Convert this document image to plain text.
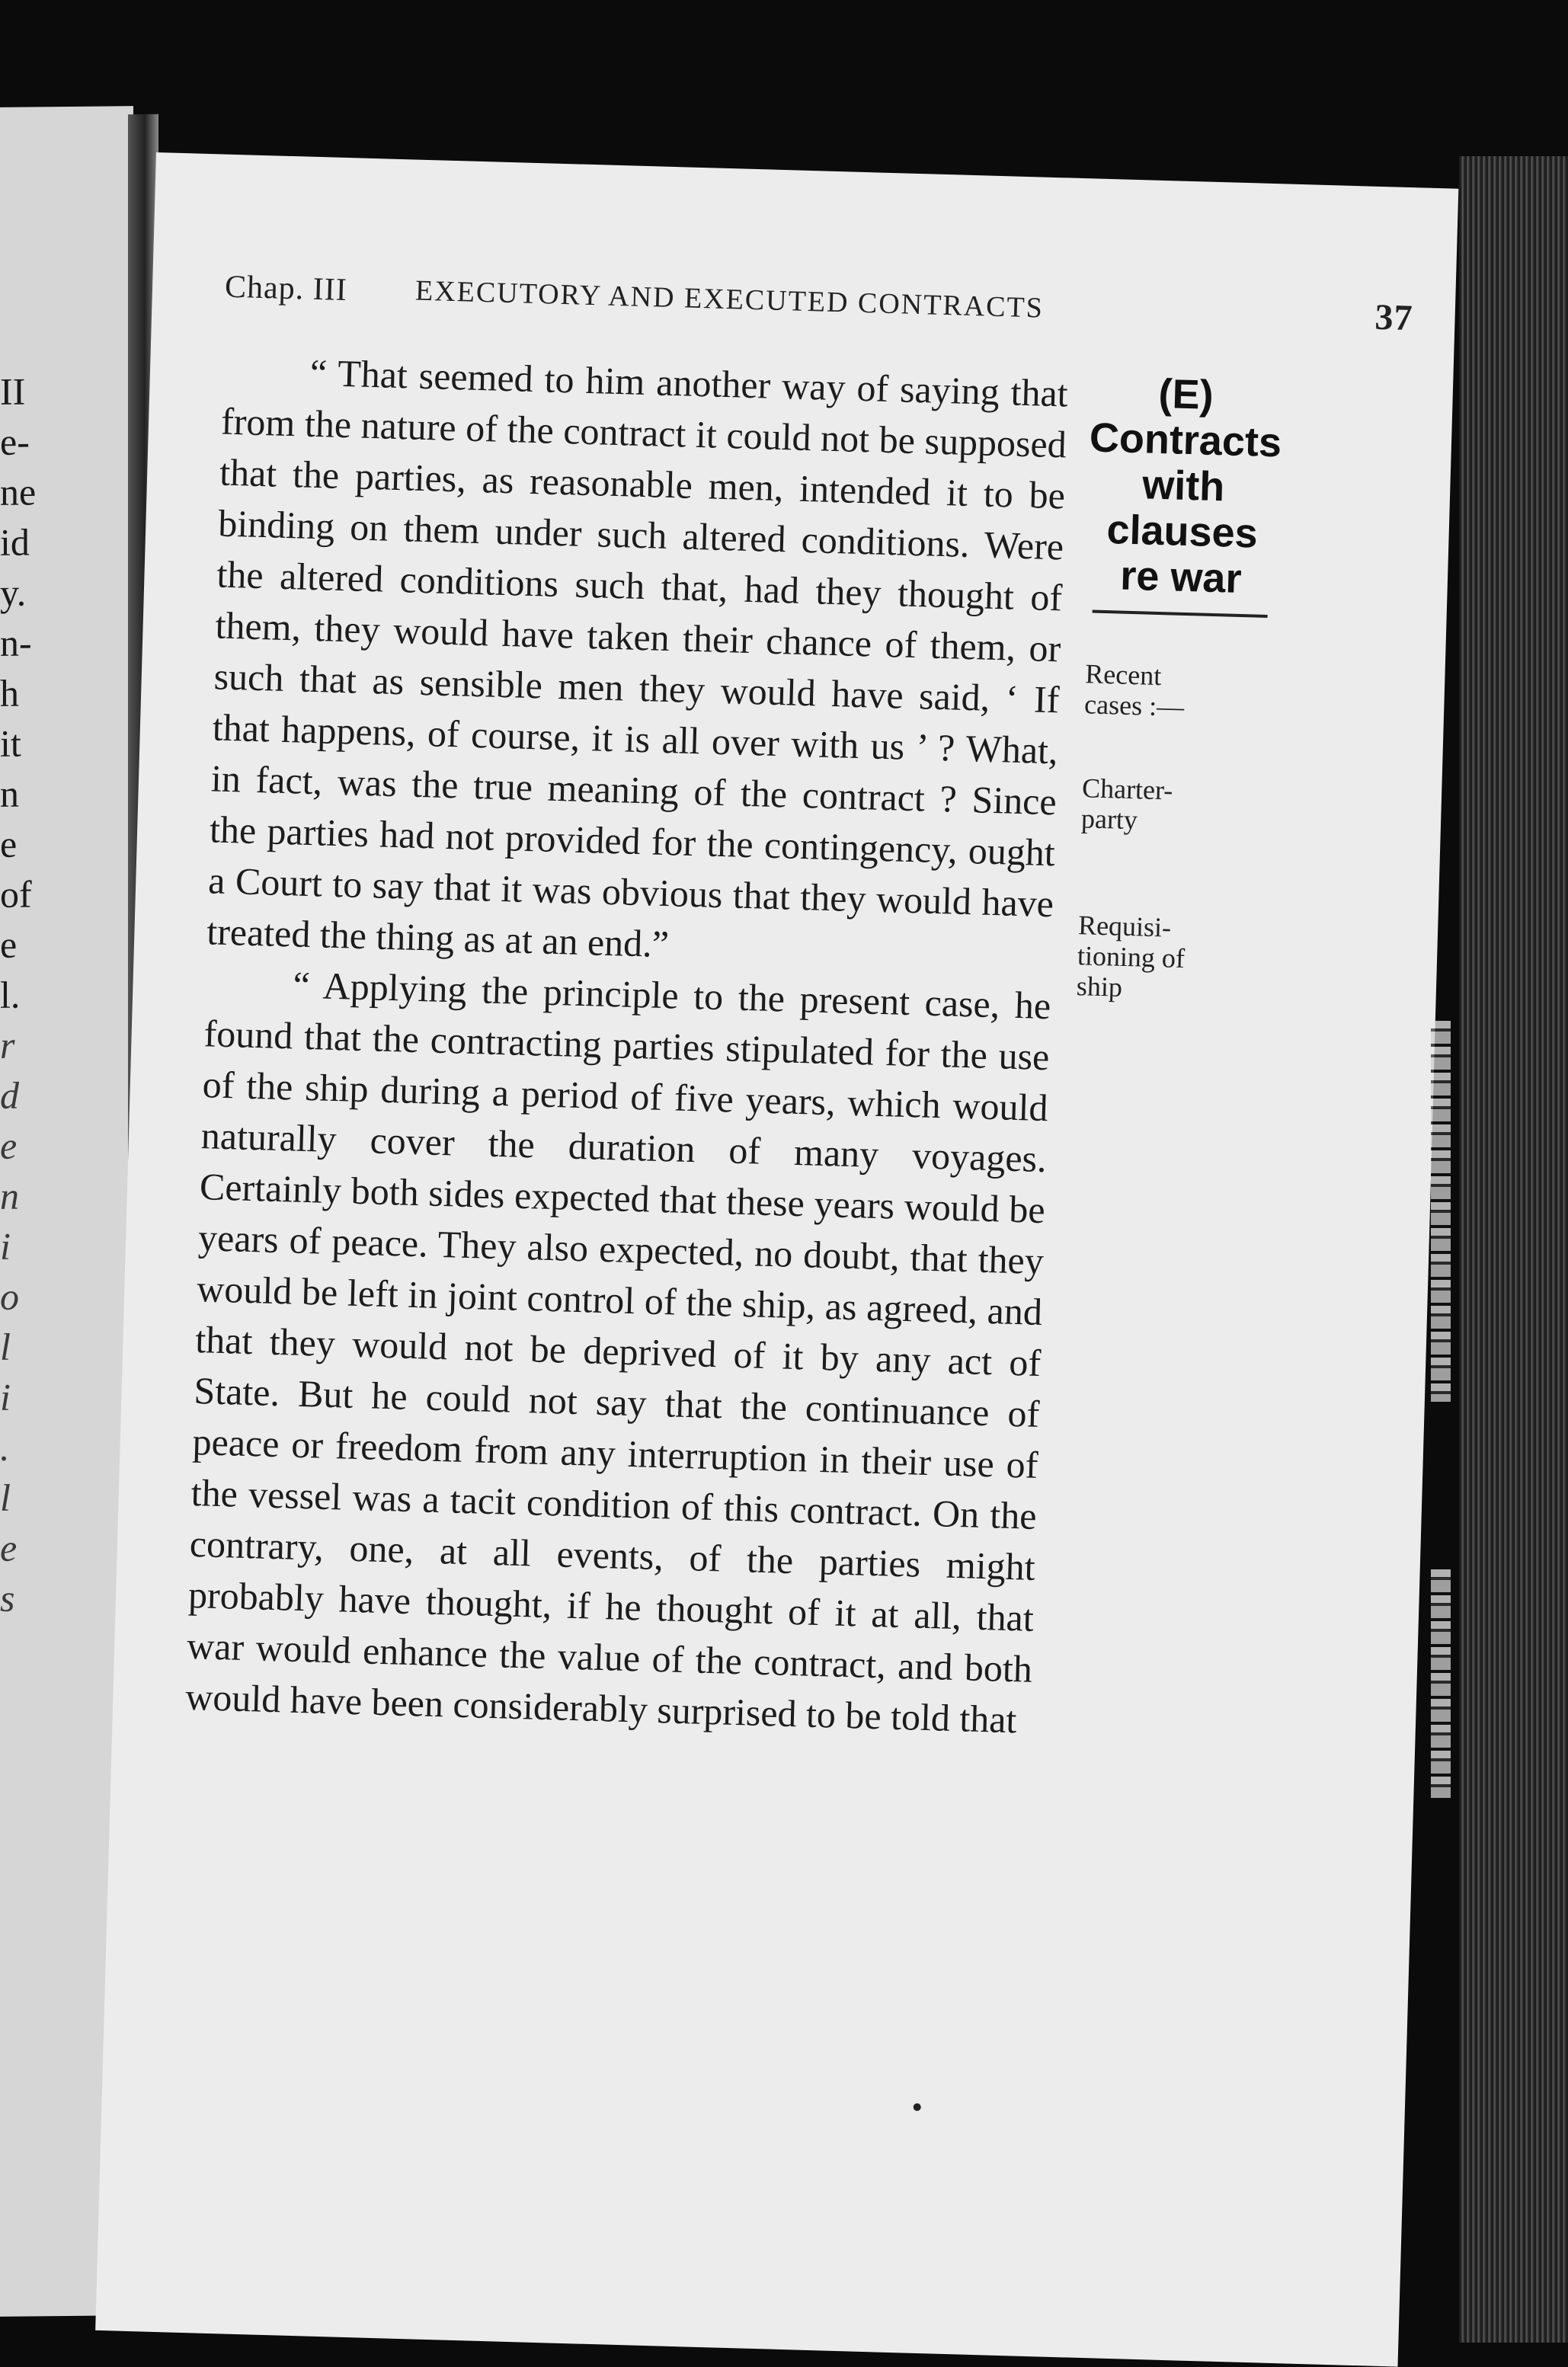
II
e-
ne
id
y.
n-
h
it
n
e
of
e
l.
r
d
e
n
i
o
l
i
.
l
e
s
Chap. III EXECUTORY AND EXECUTED CONTRACTS	37

“ That seemed to him another way of saying that from the nature of the contract it could not be supposed that the parties, as reasonable men, intended it to be binding on them under such altered conditions. Were the altered conditions such that, had they thought of them, they would have taken their chance of them, or such that as sensible men they would have said, ‘ If that happens, of course, it is all over with us ’ ? What, in fact, was the true meaning of the contract ? Since the parties had not provided for the contingency, ought a Court to say that it was obvious that they would have treated the thing as at an end.”

“ Applying the principle to the present case, he found that the contracting parties stipulated for the use of the ship during a period of five years, which would naturally cover the duration of many voyages. Certainly both sides expected that these years would be years of peace. They also expected, no doubt, that they would be left in joint control of the ship, as agreed, and that they would not be deprived of it by any act of State. But he could not say that the continuance of peace or freedom from any interruption in their use of the vessel was a tacit condition of this contract. On the contrary, one, at all events, of the parties might probably have thought, if he thought of it at all, that war would enhance the value of the contract, and both would have been considerably surprised to be told that

(E)
Contracts
with
clauses
re war
Recent
cases :—
Charter-
party
Requisi-
tioning of
ship
